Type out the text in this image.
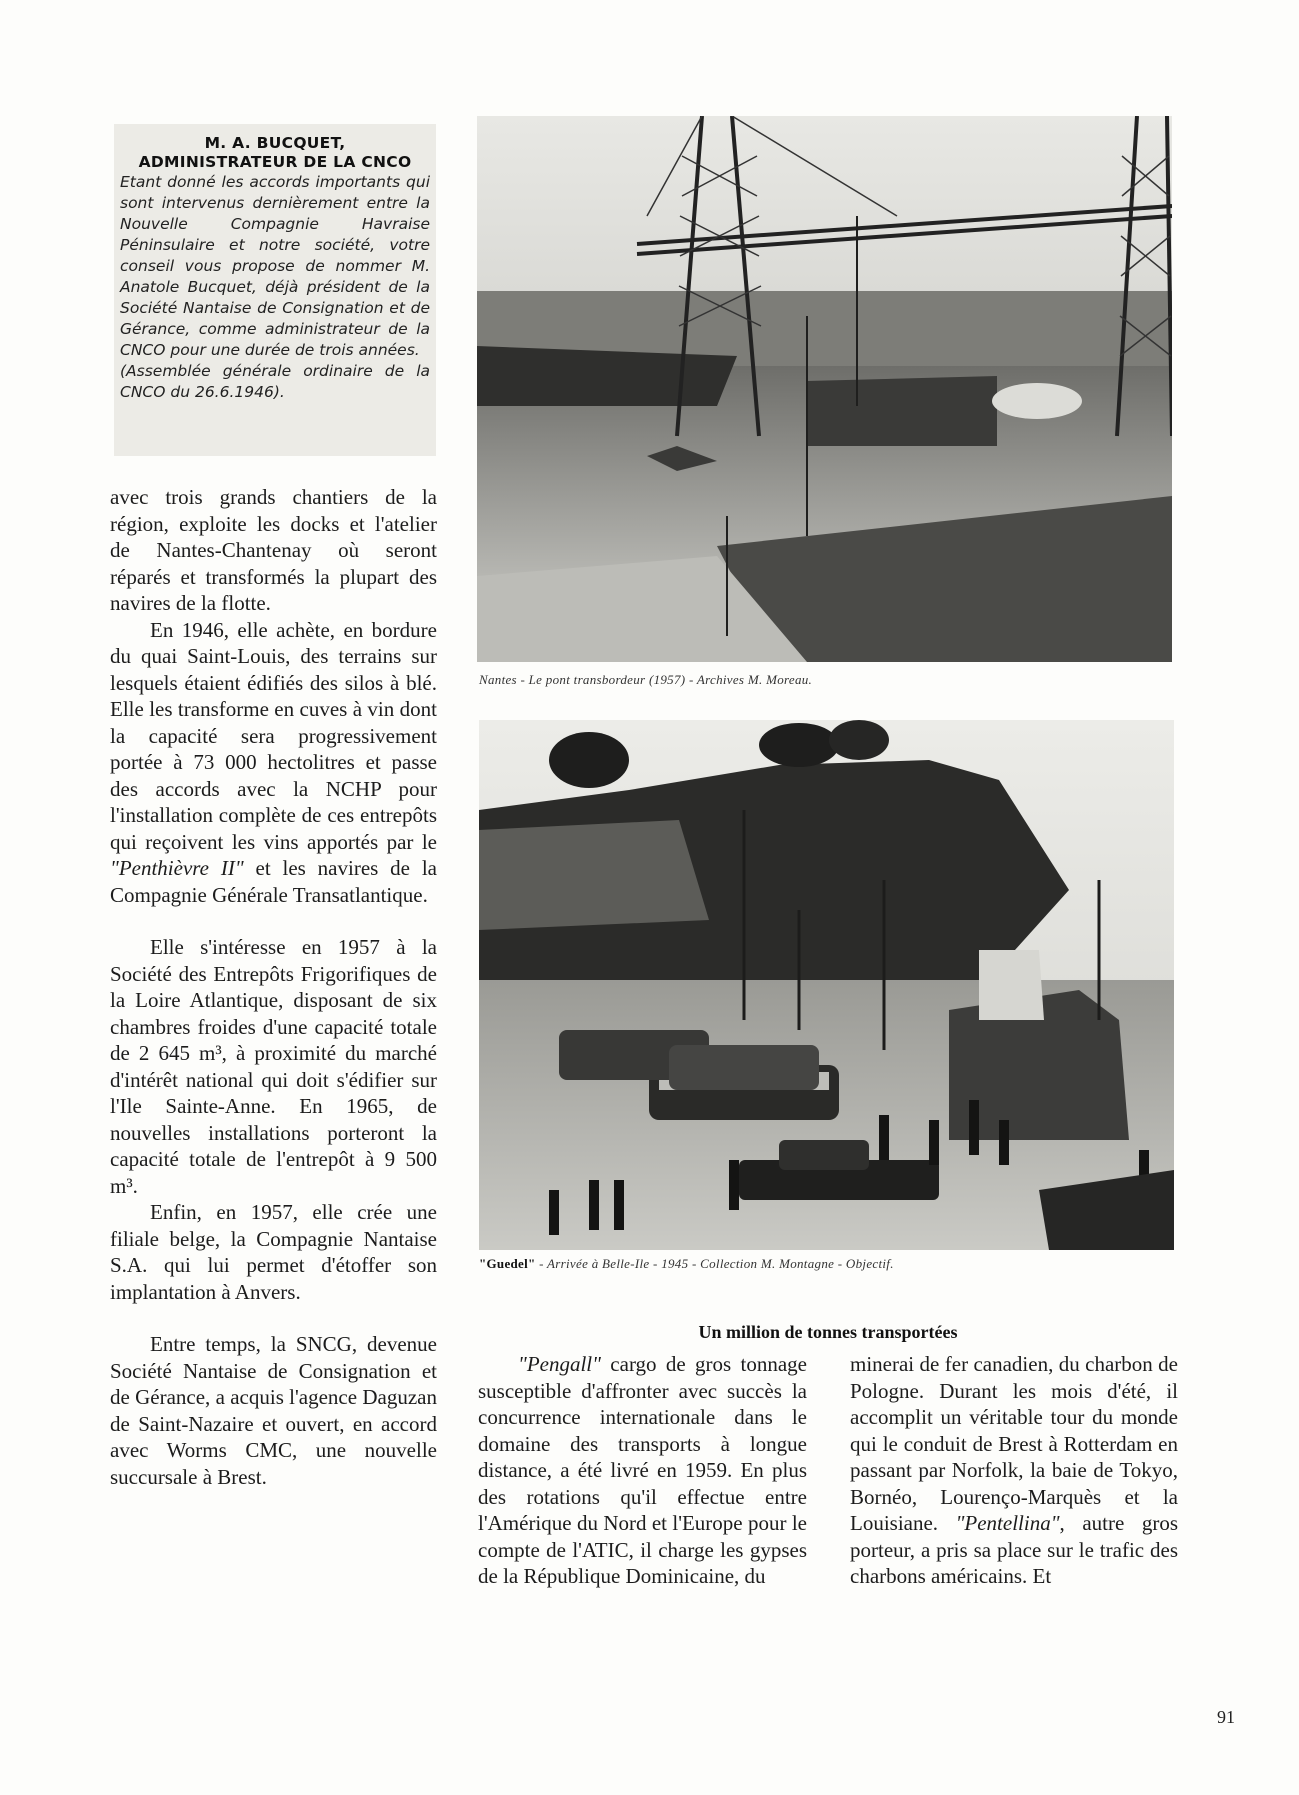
M. A. BUCQUET,
ADMINISTRATEUR DE LA CNCO
Etant donné les accords importants qui sont intervenus dernièrement entre la Nouvelle Compagnie Havraise Péninsulaire et notre société, votre conseil vous propose de nommer M. Anatole Bucquet, déjà président de la Société Nantaise de Consignation et de Gérance, comme administrateur de la CNCO pour une durée de trois années.
(Assemblée générale ordinaire de la CNCO du 26.6.1946).

avec trois grands chantiers de la région, exploite les docks et l'atelier de Nantes-Chantenay où seront réparés et transformés la plupart des navires de la flotte.

En 1946, elle achète, en bordure du quai Saint-Louis, des terrains sur lesquels étaient édifiés des silos à blé. Elle les transforme en cuves à vin dont la capacité sera progressivement portée à 73 000 hectolitres et passe des accords avec la NCHP pour l'installation complète de ces entrepôts qui reçoivent les vins apportés par le "Penthièvre II" et les navires de la Compagnie Générale Transatlantique.

Elle s'intéresse en 1957 à la Société des Entrepôts Frigorifiques de la Loire Atlantique, disposant de six chambres froides d'une capacité totale de 2 645 m³, à proximité du marché d'intérêt national qui doit s'édifier sur l'Ile Sainte-Anne. En 1965, de nouvelles installations porteront la capacité totale de l'entrepôt à 9 500 m³.

Enfin, en 1957, elle crée une filiale belge, la Compagnie Nantaise S.A. qui lui permet d'étoffer son implantation à Anvers.

Entre temps, la SNCG, devenue Société Nantaise de Consignation et de Gérance, a acquis l'agence Daguzan de Saint-Nazaire et ouvert, en accord avec Worms CMC, une nouvelle succursale à Brest.

Nantes - Le pont transbordeur (1957) - Archives M. Moreau.
"Guedel" - Arrivée à Belle-Ile - 1945 - Collection M. Montagne - Objectif.
Un million de tonnes transportées

"Pengall" cargo de gros tonnage susceptible d'affronter avec succès la concurrence internationale dans le domaine des transports à longue distance, a été livré en 1959. En plus des rotations qu'il effectue entre l'Amérique du Nord et l'Europe pour le compte de l'ATIC, il charge les gypses de la République Dominicaine, du

minerai de fer canadien, du charbon de Pologne. Durant les mois d'été, il accomplit un véritable tour du monde qui le conduit de Brest à Rotterdam en passant par Norfolk, la baie de Tokyo, Bornéo, Lourenço-Marquès et la Louisiane. "Pentellina", autre gros porteur, a pris sa place sur le trafic des charbons américains. Et

91
